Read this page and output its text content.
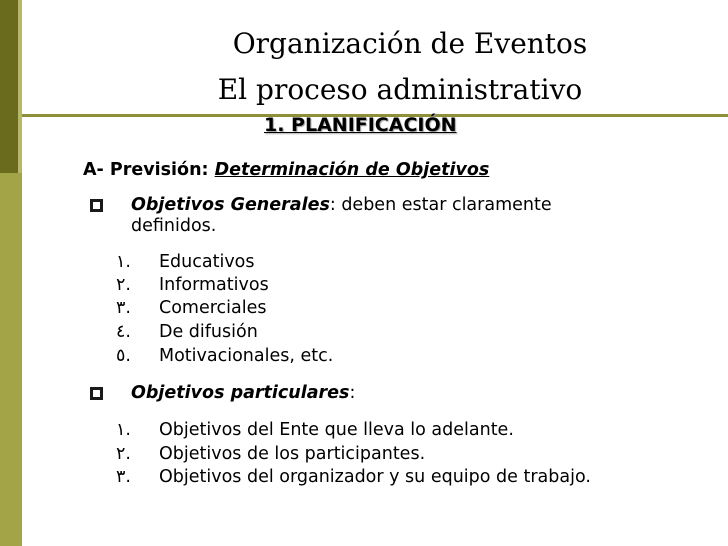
Organización de Eventos
El proceso administrativo
1. PLANIFICACIÓN
A- Previsión: Determinación de Objetivos
Objetivos Generales: deben estar claramente
definidos.
١.	Educativos
٢.	Informativos
٣.	Comerciales
٤.	De difusión
٥.	Motivacionales, etc.
Objetivos particulares:
١.	Objetivos del Ente que lleva lo adelante.
٢.	Objetivos de los participantes.
٣.	Objetivos del organizador y su equipo de trabajo.
